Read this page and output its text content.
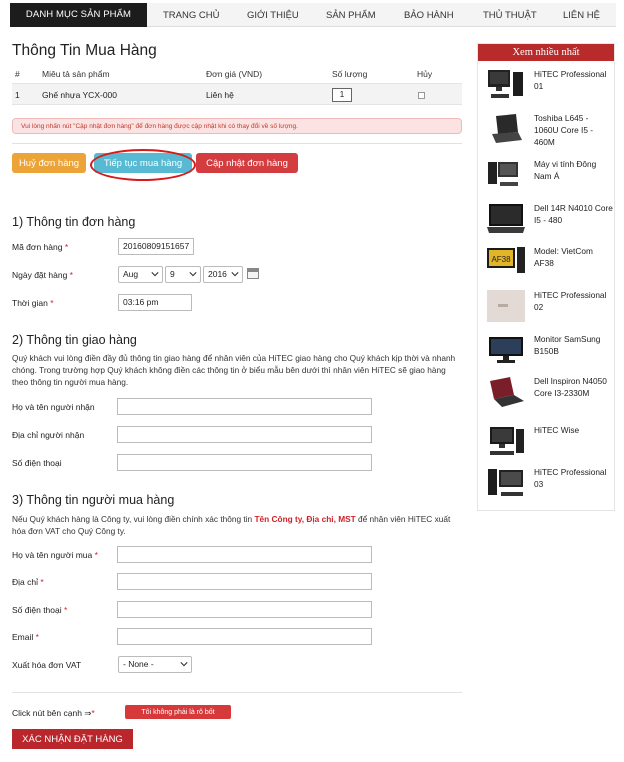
DANH MỤC SẢN PHẨM	TRANG CHỦ	GIỚI THIỆU	SẢN PHẨM	BẢO HÀNH	THỦ THUẬT	LIÊN HỆ
Thông Tin Mua Hàng
#	Miêu tả sản phẩm	Đơn giá (VND)	Số lượng	Hủy
1	Ghế nhựa YCX-000	Liên hệ	1
Vui lòng nhấn nút "Cập nhật đơn hàng" để đơn hàng được cập nhật khi có thay đổi về số lượng.
Huỷ đơn hàng	Tiếp tục mua hàng	Cập nhật đơn hàng
1) Thông tin đơn hàng
Mã đơn hàng *	20160809151657
Ngày đặt hàng *	Aug	9	2016
Thời gian *	03:16 pm
2) Thông tin giao hàng
Quý khách vui lòng điền đầy đủ thông tin giao hàng để nhân viên của HiTEC giao hàng cho Quý khách kịp thời và nhanh chóng. Trong trường hợp Quý khách không điền các thông tin ở biểu mẫu bên dưới thì nhân viên HiTEC sẽ giao hàng theo thông tin người mua hàng.
Họ và tên người nhận
Địa chỉ người nhận
Số điện thoại
3) Thông tin người mua hàng
Nếu Quý khách hàng là Công ty, vui lòng điền chính xác thông tin Tên Công ty, Địa chỉ, MST để nhân viên HiTEC xuất hóa đơn VAT cho Quý Công ty.
Họ và tên người mua *
Địa chỉ *
Số điện thoại *
Email *
Xuất hóa đơn VAT	- None -
Click nút bên cạnh ⇒*	Tôi không phải là rô bốt
XÁC NHẬN ĐẶT HÀNG
Xem nhiều nhất
HiTEC Professional 01
Toshiba L645 - 1060U Core I5 - 460M
Máy vi tính Đông Nam Á
Dell 14R N4010 Core I5 - 480
AF38
Model: VietCom AF38
HiTEC Professional 02
Monitor SamSung B150B
Dell Inspiron N4050 Core I3-2330M
HiTEC Wise
HiTEC Professional 03
